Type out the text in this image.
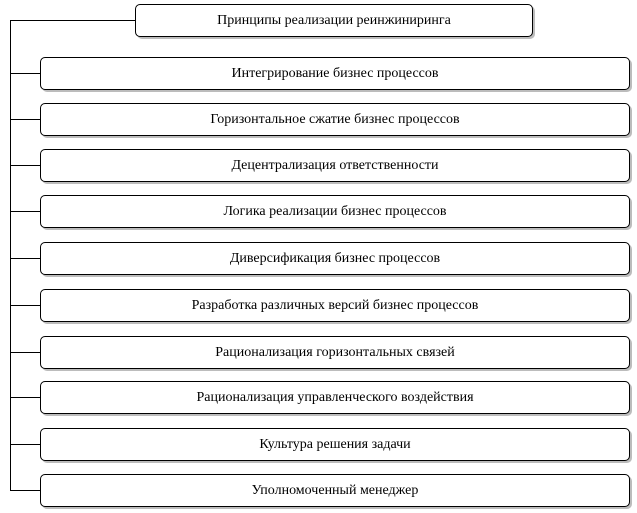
Принципы реализации реинжиниринга
Интегрирование бизнес процессов
Горизонтальное сжатие бизнес процессов
Децентрализация ответственности
Логика реализации бизнес процессов
Диверсификация бизнес процессов
Разработка различных версий бизнес процессов
Рационализация горизонтальных связей
Рационализация управленческого воздействия
Культура решения задачи
Уполномоченный менеджер
